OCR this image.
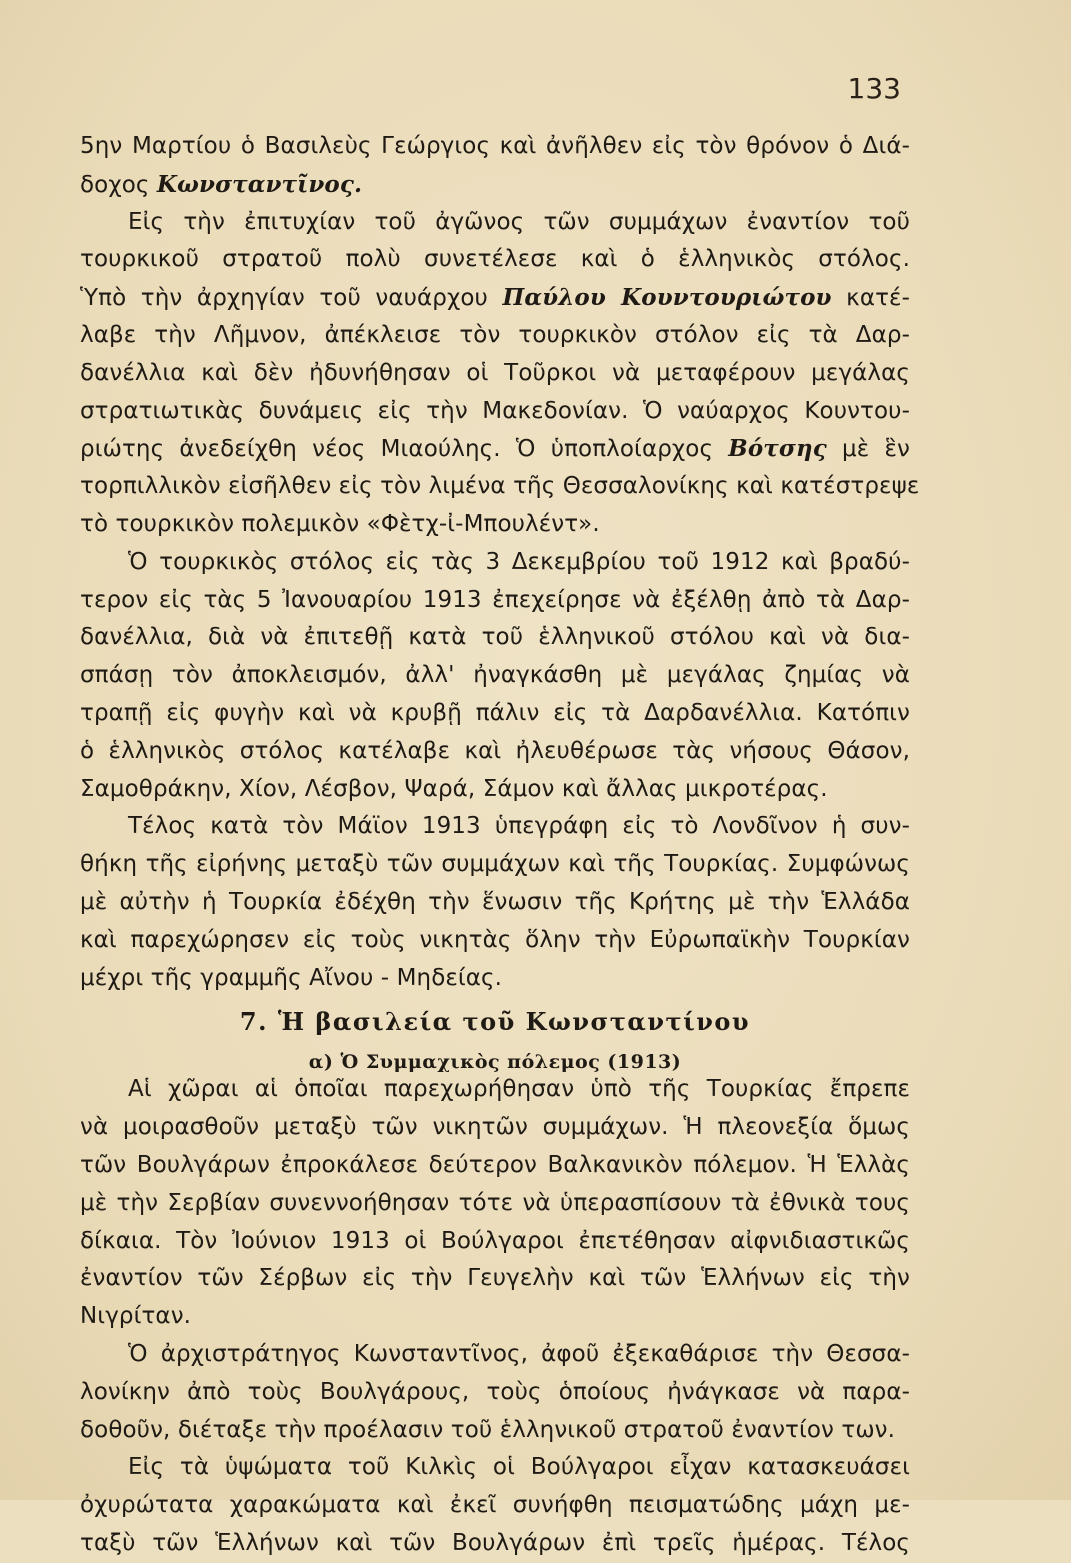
133
5ην Μαρτίου ὁ Βασιλεὺς Γεώργιος καὶ ἀνῆλθεν εἰς τὸν θρόνον ὁ Διά-
δοχος Κωνσταντῖνος.
Εἰς τὴν ἐπιτυχίαν τοῦ ἀγῶνος τῶν συμμάχων ἐναντίον τοῦ
τουρκικοῦ στρατοῦ πολὺ συνετέλεσε καὶ ὁ ἑλληνικὸς στόλος.
Ὑπὸ τὴν ἀρχηγίαν τοῦ ναυάρχου Παύλου Κουντουριώτου κατέ-
λαβε τὴν Λῆμνον, ἀπέκλεισε τὸν τουρκικὸν στόλον εἰς τὰ Δαρ-
δανέλλια καὶ δὲν ἠδυνήθησαν οἱ Τοῦρκοι νὰ μεταφέρουν μεγάλας
στρατιωτικὰς δυνάμεις εἰς τὴν Μακεδονίαν. Ὁ ναύαρχος Κουντου-
ριώτης ἀνεδείχθη νέος Μιαούλης. Ὁ ὑποπλοίαρχος Βότσης μὲ ἓν
τορπιλλικὸν εἰσῆλθεν εἰς τὸν λιμένα τῆς Θεσσαλονίκης καὶ κατέστρεψε
τὸ τουρκικὸν πολεμικὸν «Φὲτχ-ἰ-Μπουλέντ».
Ὁ τουρκικὸς στόλος εἰς τὰς 3 Δεκεμβρίου τοῦ 1912 καὶ βραδύ-
τερον εἰς τὰς 5 Ἰανουαρίου 1913 ἐπεχείρησε νὰ ἐξέλθῃ ἀπὸ τὰ Δαρ-
δανέλλια, διὰ νὰ ἐπιτεθῇ κατὰ τοῦ ἑλληνικοῦ στόλου καὶ νὰ δια-
σπάσῃ τὸν ἀποκλεισμόν, ἀλλ' ἠναγκάσθη μὲ μεγάλας ζημίας νὰ
τραπῇ εἰς φυγὴν καὶ νὰ κρυβῇ πάλιν εἰς τὰ Δαρδανέλλια. Κατόπιν
ὁ ἑλληνικὸς στόλος κατέλαβε καὶ ἠλευθέρωσε τὰς νήσους Θάσον,
Σαμοθράκην, Χίον, Λέσβον, Ψαρά, Σάμον καὶ ἄλλας μικροτέρας.
Τέλος κατὰ τὸν Μάϊον 1913 ὑπεγράφη εἰς τὸ Λονδῖνον ἡ συν-
θήκη τῆς εἰρήνης μεταξὺ τῶν συμμάχων καὶ τῆς Τουρκίας. Συμφώνως
μὲ αὐτὴν ἡ Τουρκία ἐδέχθη τὴν ἕνωσιν τῆς Κρήτης μὲ τὴν Ἑλλάδα
καὶ παρεχώρησεν εἰς τοὺς νικητὰς ὅλην τὴν Εὐρωπαϊκὴν Τουρκίαν
μέχρι τῆς γραμμῆς Αἴνου - Μηδείας.
7. Ἡ βασιλεία τοῦ Κωνσταντίνου
α) Ὁ Συμμαχικὸς πόλεμος (1913)
Αἱ χῶραι αἱ ὁποῖαι παρεχωρήθησαν ὑπὸ τῆς Τουρκίας ἔπρεπε
νὰ μοιρασθοῦν μεταξὺ τῶν νικητῶν συμμάχων. Ἡ πλεονεξία ὅμως
τῶν Βουλγάρων ἐπροκάλεσε δεύτερον Βαλκανικὸν πόλεμον. Ἡ Ἑλλὰς
μὲ τὴν Σερβίαν συνεννοήθησαν τότε νὰ ὑπερασπίσουν τὰ ἐθνικὰ τους
δίκαια. Τὸν Ἰούνιον 1913 οἱ Βούλγαροι ἐπετέθησαν αἰφνιδιαστικῶς
ἐναντίον τῶν Σέρβων εἰς τὴν Γευγελὴν καὶ τῶν Ἑλλήνων εἰς τὴν
Νιγρίταν.
Ὁ ἀρχιστράτηγος Κωνσταντῖνος, ἀφοῦ ἐξεκαθάρισε τὴν Θεσσα-
λονίκην ἀπὸ τοὺς Βουλγάρους, τοὺς ὁποίους ἠνάγκασε νὰ παρα-
δοθοῦν, διέταξε τὴν προέλασιν τοῦ ἑλληνικοῦ στρατοῦ ἐναντίον των.
Εἰς τὰ ὑψώματα τοῦ Κιλκὶς οἱ Βούλγαροι εἶχαν κατασκευάσει
ὀχυρώτατα χαρακώματα καὶ ἐκεῖ συνήφθη πεισματώδης μάχη με-
ταξὺ τῶν Ἑλλήνων καὶ τῶν Βουλγάρων ἐπὶ τρεῖς ἡμέρας. Τέλος
